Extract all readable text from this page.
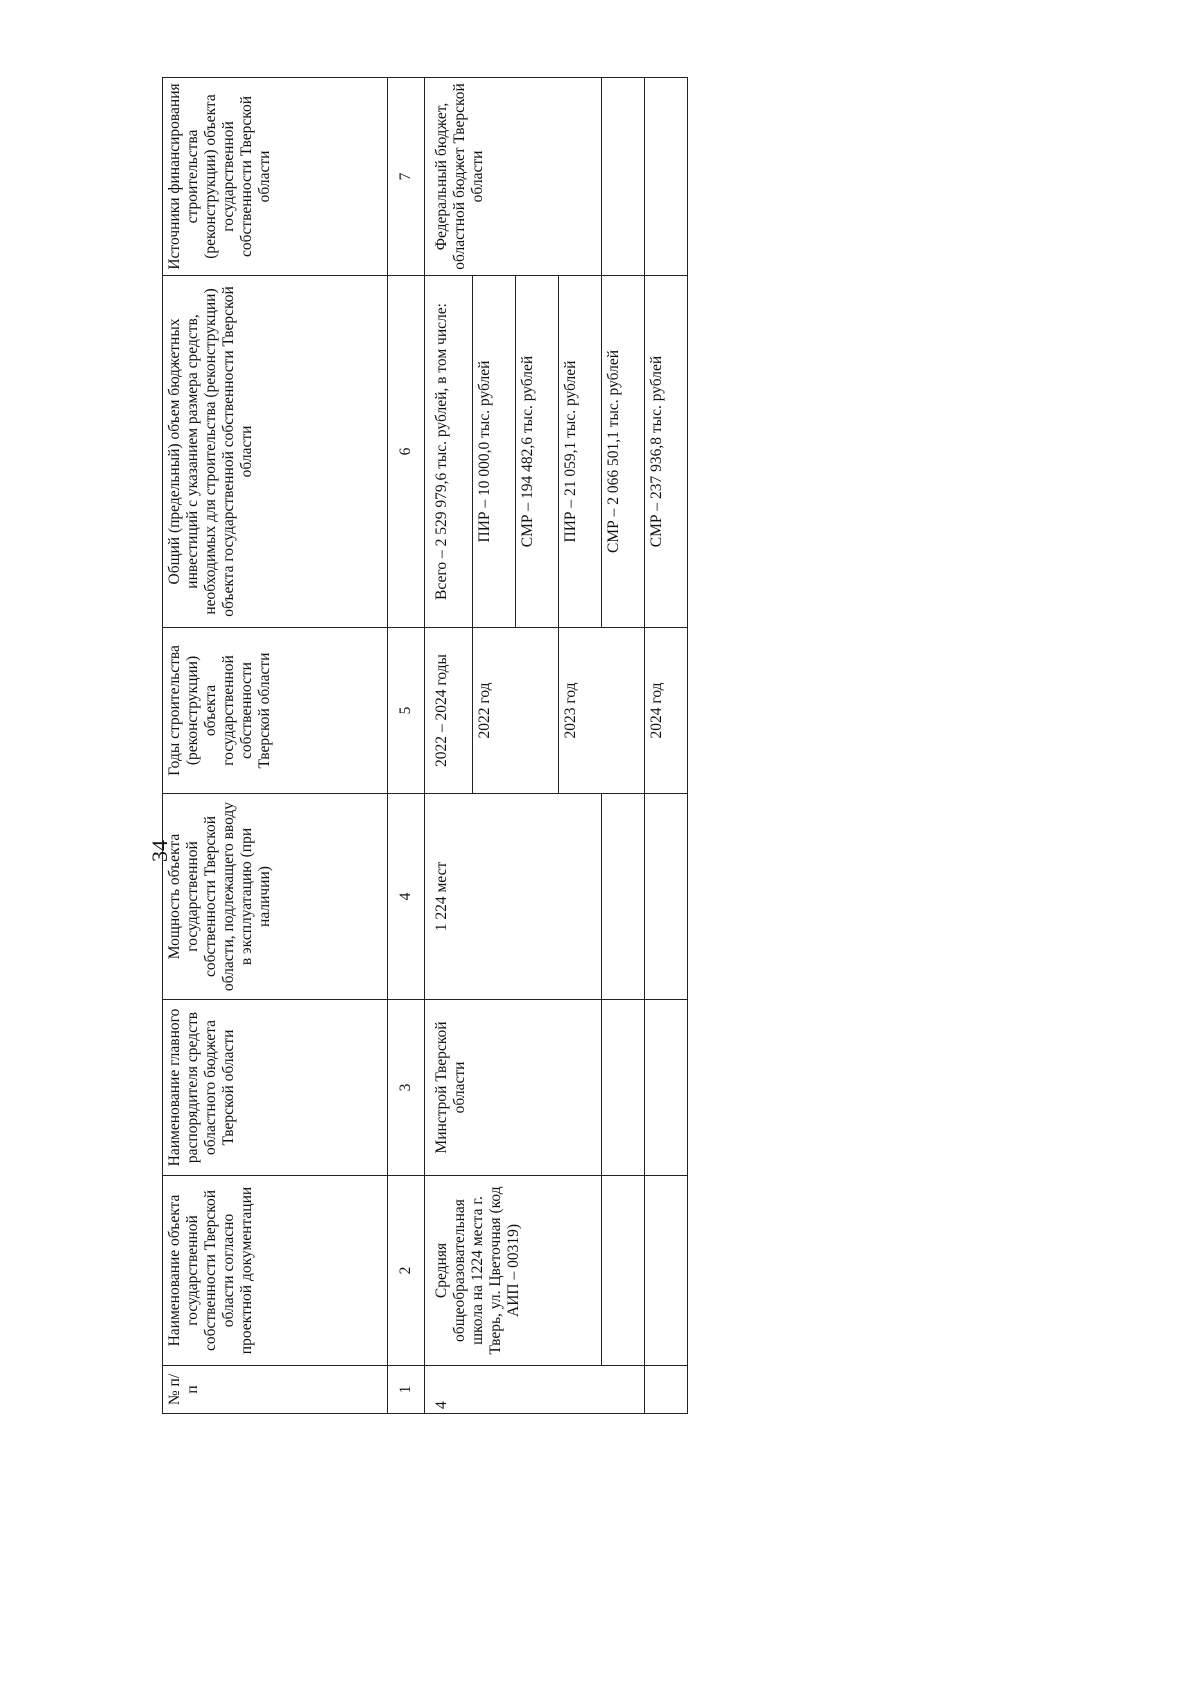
34
№ п/п	Наименование объекта государственной собственности Тверской области согласно проектной документации	Наименование главного распорядителя средств областного бюджета Тверской области	Мощность объекта государственной собственности Тверской области, подлежащего вводу в эксплуатацию (при наличии)	Годы строительства (реконструкции) объекта государственной собственности Тверской области	Общий (предельный) объем бюджетных инвестиций с указанием размера средств, необходимых для строительства (реконструкции) объекта государственной собственности Тверской области	Источники финансирования строительства (реконструкции) объекта государственной собственности Тверской области
1	2	3	4	5	6	7
4	Средняя общеобразовательная школа на 1224 места г. Тверь, ул. Цветочная (код АИП – 00319)	Минстрой Тверской области	1 224 мест	2022 – 2024 годы	Всего – 2 529 979,6 тыс. рублей, в том числе:	Федеральный бюджет, областной бюджет Тверской области
				2022 год	ПИР – 10 000,0 тыс. рублей	
					СМР – 194 482,6 тыс. рублей	
				2023 год	ПИР – 21 059,1 тыс. рублей	
					СМР – 2 066 501,1 тыс. рублей	
				2024 год	СМР – 237 936,8 тыс. рублей	
